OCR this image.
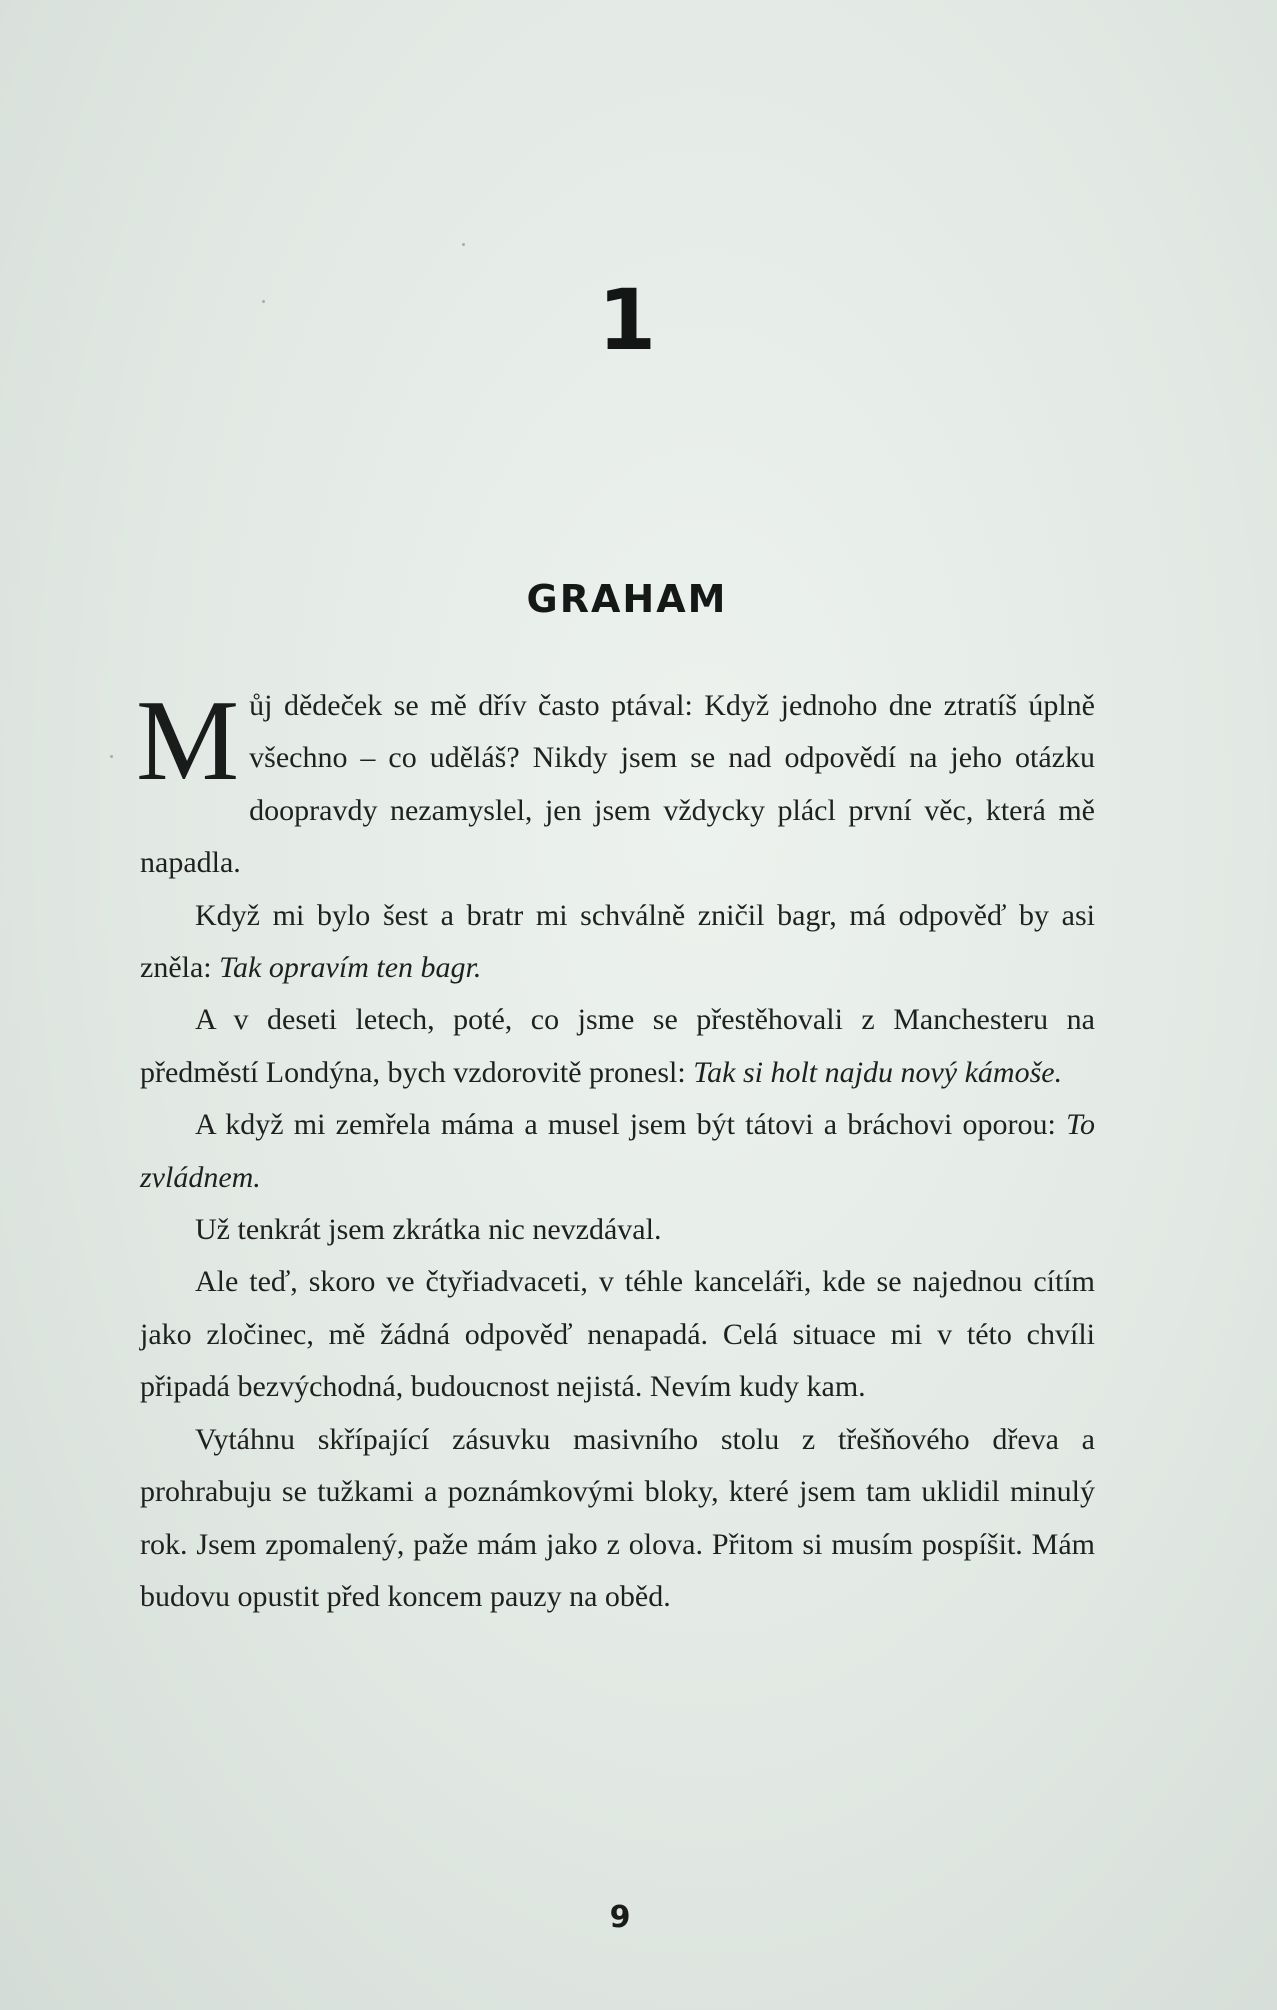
1
GRAHAM

Můj dědeček se mě dřív často ptával: Když jednoho dne ztratíš úplně všechno – co uděláš? Nikdy jsem se nad odpovědí na jeho otázku doopravdy nezamyslel, jen jsem vždycky plácl první věc, která mě napadla.

Když mi bylo šest a bratr mi schválně zničil bagr, má odpověď by asi zněla: Tak opravím ten bagr.

A v deseti letech, poté, co jsme se přestěhovali z Manchesteru na předměstí Londýna, bych vzdorovitě pronesl: Tak si holt najdu nový kámoše.

A když mi zemřela máma a musel jsem být tátovi a bráchovi oporou: To zvládnem.

Už tenkrát jsem zkrátka nic nevzdával.

Ale teď, skoro ve čtyřiadvaceti, v téhle kanceláři, kde se najednou cítím jako zločinec, mě žádná odpověď nenapadá. Celá situace mi v této chvíli připadá bezvýchodná, budoucnost nejistá. Nevím kudy kam.

Vytáhnu skřípající zásuvku masivního stolu z třešňového dřeva a prohrabuju se tužkami a poznámkovými bloky, které jsem tam uklidil minulý rok. Jsem zpomalený, paže mám jako z olova. Přitom si musím pospíšit. Mám budovu opustit před koncem pauzy na oběd.

9
